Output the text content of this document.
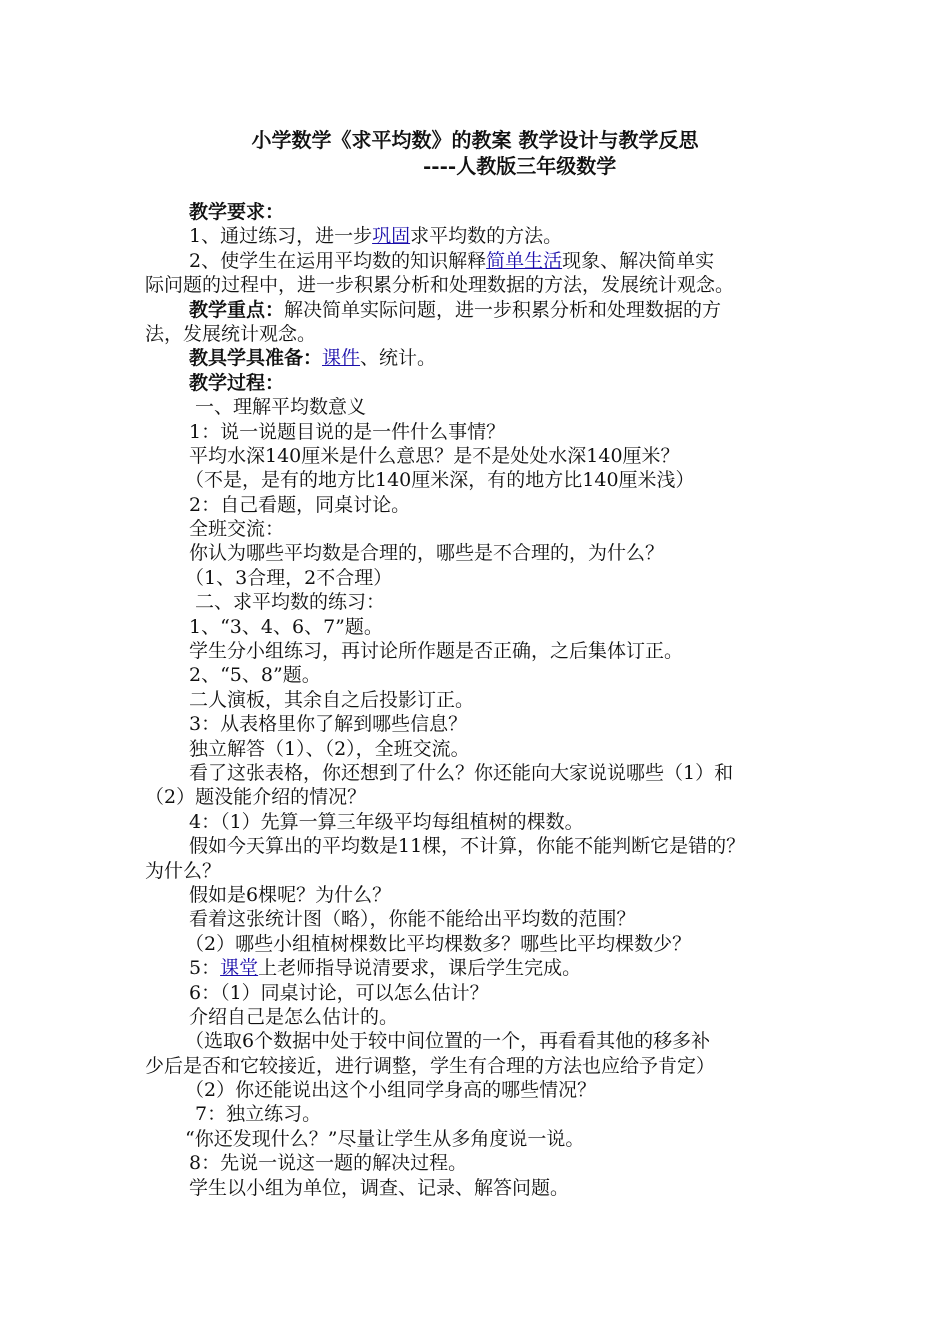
小学数学《求平均数》的教案 教学设计与教学反思
----人教版三年级数学
教学要求：
1、通过练习，进一步巩固求平均数的方法。
2、使学生在运用平均数的知识解释简单生活现象、解决简单实
际问题的过程中，进一步积累分析和处理数据的方法，发展统计观念。
教学重点：解决简单实际问题，进一步积累分析和处理数据的方
法，发展统计观念。
教具学具准备：课件、统计。
教学过程：
一、理解平均数意义
1：说一说题目说的是一件什么事情？
平均水深140厘米是什么意思？是不是处处水深140厘米？
（不是，是有的地方比140厘米深，有的地方比140厘米浅）
2：自己看题，同桌讨论。
全班交流：
你认为哪些平均数是合理的，哪些是不合理的，为什么？
（1、3合理，2不合理）
二、求平均数的练习：
1、“3、4、6、7”题。
学生分小组练习，再讨论所作题是否正确，之后集体订正。
2、“5、8”题。
二人演板，其余自之后投影订正。
3：从表格里你了解到哪些信息？
独立解答（1）、（2），全班交流。
看了这张表格，你还想到了什么？你还能向大家说说哪些（1）和
（2）题没能介绍的情况？
4：（1）先算一算三年级平均每组植树的棵数。
假如今天算出的平均数是11棵，不计算，你能不能判断它是错的？
为什么？
假如是6棵呢？为什么？
看着这张统计图（略），你能不能给出平均数的范围？
（2）哪些小组植树棵数比平均棵数多？哪些比平均棵数少？
5：课堂上老师指导说清要求，课后学生完成。
6：（1）同桌讨论，可以怎么估计？
介绍自己是怎么估计的。
（选取6个数据中处于较中间位置的一个，再看看其他的移多补
少后是否和它较接近，进行调整，学生有合理的方法也应给予肯定）
（2）你还能说出这个小组同学身高的哪些情况？
7：独立练习。
“你还发现什么？”尽量让学生从多角度说一说。
8：先说一说这一题的解决过程。
学生以小组为单位，调查、记录、解答问题。
